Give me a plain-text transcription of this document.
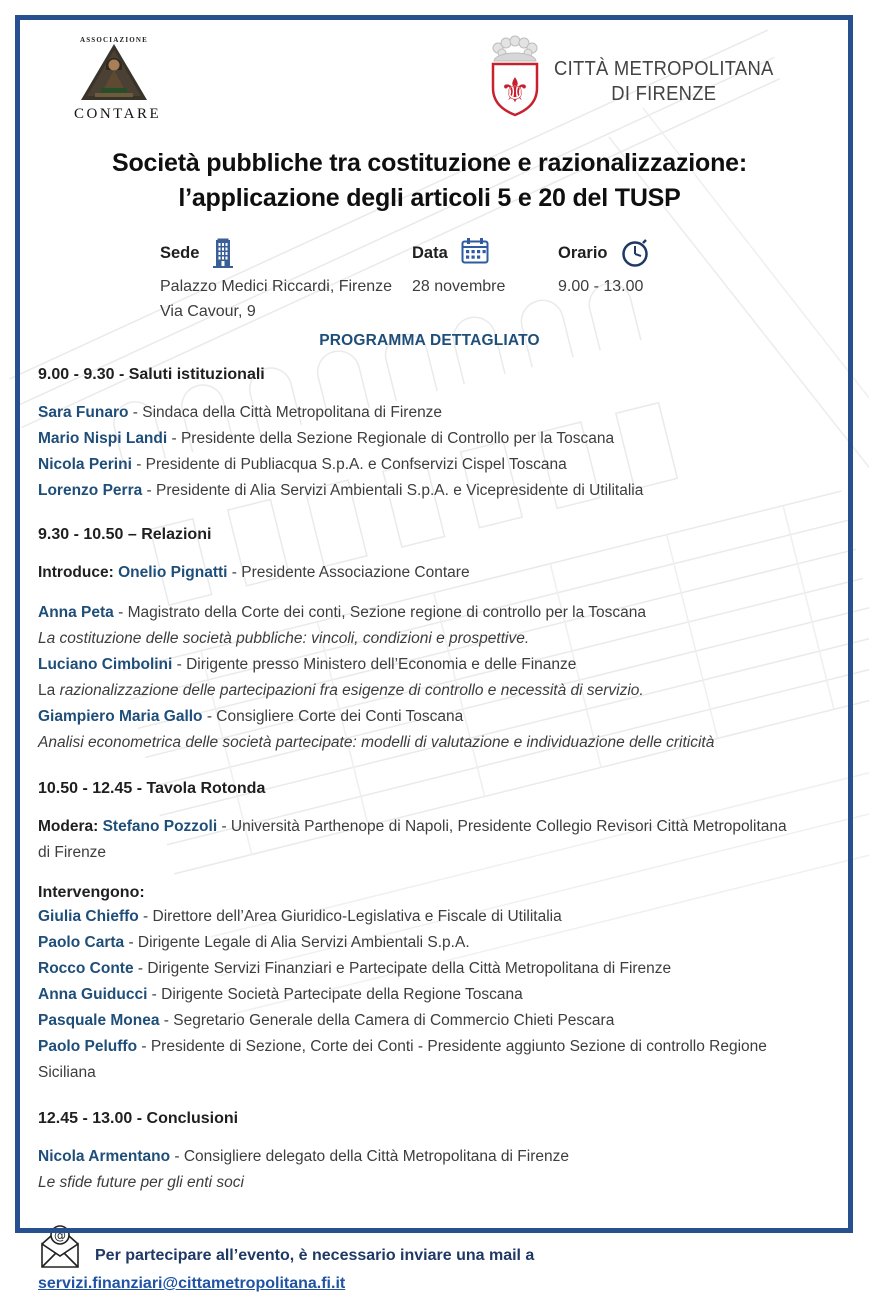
ASSOCIAZIONE
CONTARE
⚜
CITTÀ METROPOLITANA
DI FIRENZE
Società pubbliche tra costituzione e razionalizzazione:
l’applicazione degli articoli 5 e 20 del TUSP
Sede
Palazzo Medici Riccardi, Firenze
Via Cavour, 9
Data
28 novembre
Orario
9.00 - 13.00
PROGRAMMA DETTAGLIATO
9.00 - 9.30 - Saluti istituzionali

Sara Funaro - Sindaca della Città Metropolitana di Firenze

Mario Nispi Landi - Presidente della Sezione Regionale di Controllo per la Toscana

Nicola Perini - Presidente di Publiacqua S.p.A. e Confservizi Cispel Toscana

Lorenzo Perra - Presidente di Alia Servizi Ambientali S.p.A. e Vicepresidente di Utilitalia

9.30 - 10.50 – Relazioni

Introduce: Onelio Pignatti - Presidente Associazione Contare

Anna Peta - Magistrato della Corte dei conti, Sezione regione di controllo per la Toscana

La costituzione delle società pubbliche: vincoli, condizioni e prospettive.

Luciano Cimbolini - Dirigente presso Ministero dell’Economia e delle Finanze

La razionalizzazione delle partecipazioni fra esigenze di controllo e necessità di servizio.

Giampiero Maria Gallo - Consigliere Corte dei Conti Toscana

Analisi econometrica delle società partecipate: modelli di valutazione e individuazione delle criticità

10.50 - 12.45 - Tavola Rotonda

Modera: Stefano Pozzoli - Università Parthenope di Napoli, Presidente Collegio Revisori Città Metropolitana di Firenze

Intervengono:

Giulia Chieffo - Direttore dell’Area Giuridico-Legislativa e Fiscale di Utilitalia

Paolo Carta - Dirigente Legale di Alia Servizi Ambientali S.p.A.

Rocco Conte - Dirigente Servizi Finanziari e Partecipate della Città Metropolitana di Firenze

Anna Guiducci - Dirigente Società Partecipate della Regione Toscana

Pasquale Monea - Segretario Generale della Camera di Commercio Chieti Pescara

Paolo Peluffo - Presidente di Sezione, Corte dei Conti - Presidente aggiunto Sezione di controllo Regione Siciliana

12.45 - 13.00 - Conclusioni

Nicola Armentano - Consigliere delegato della Città Metropolitana di Firenze

Le sfide future per gli enti soci

@
Per partecipare all’evento, è necessario inviare una mail a
servizi.finanziari@cittametropolitana.fi.it
